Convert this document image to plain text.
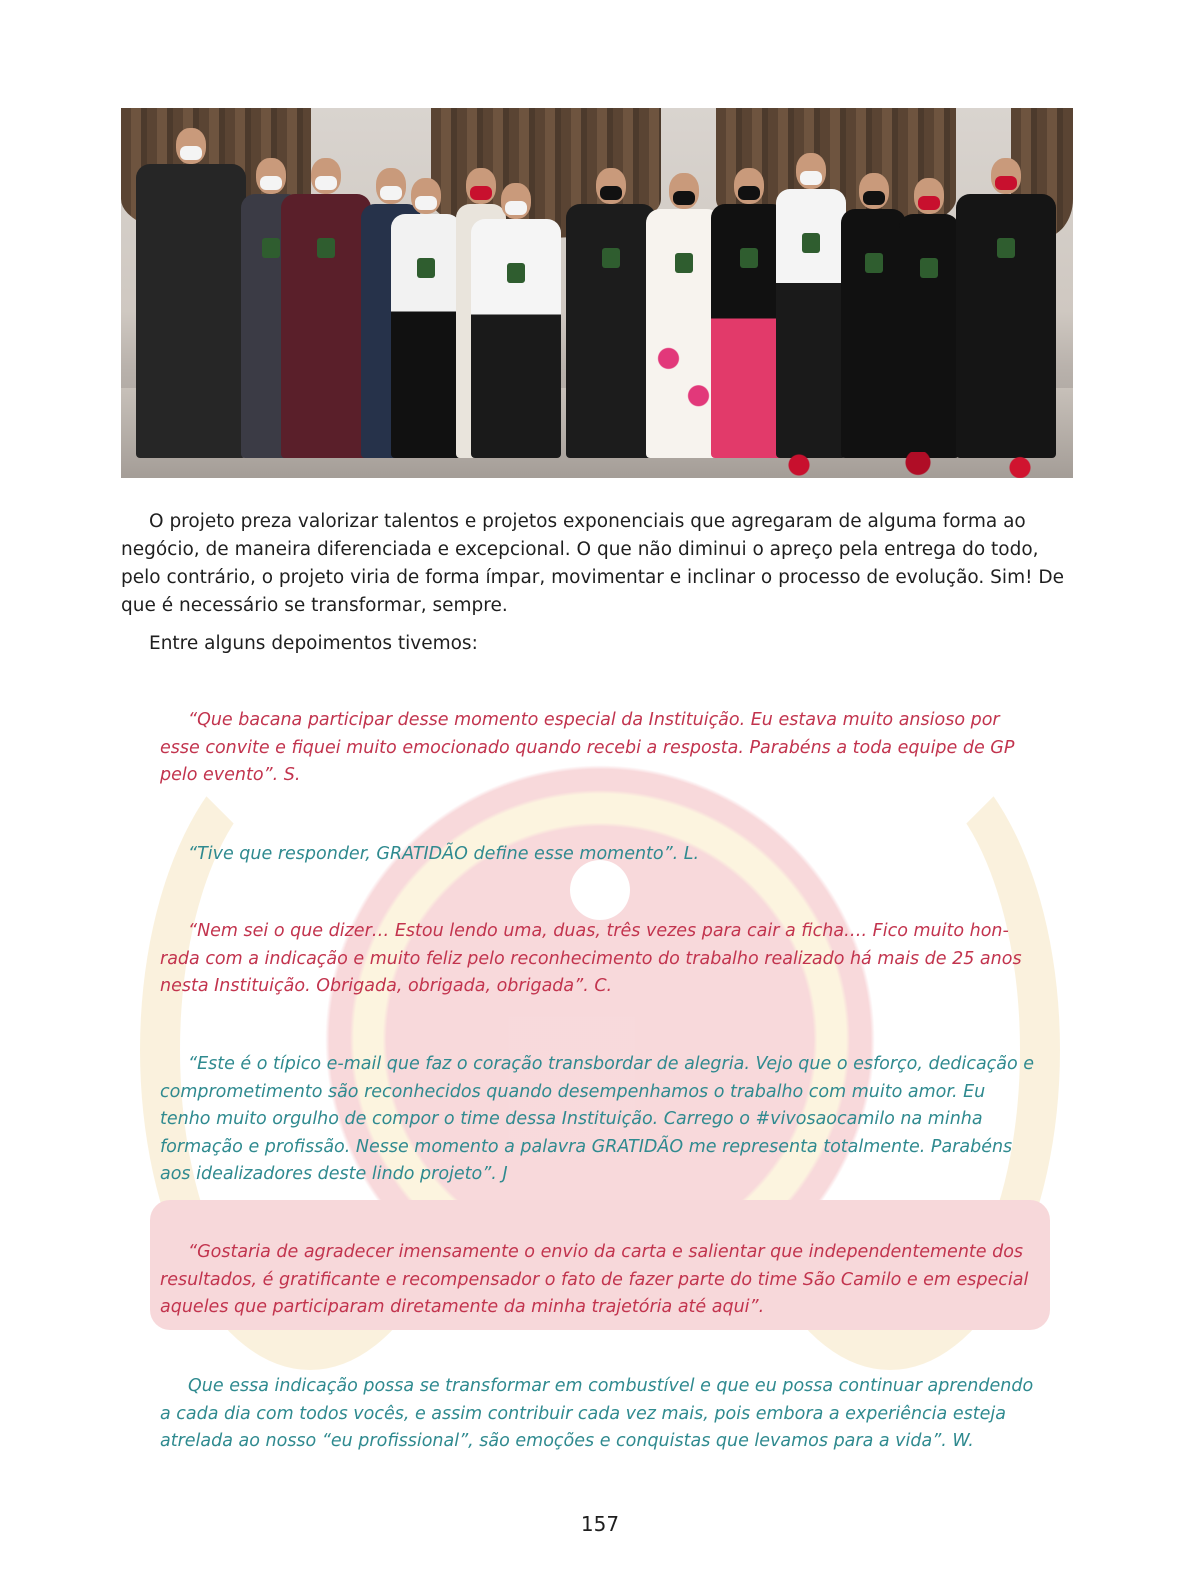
O projeto preza valorizar talentos e projetos exponenciais que agregaram de alguma forma ao negócio, de maneira diferenciada e excepcional. O que não diminui o apreço pela entrega do todo, pelo contrário, o projeto viria de forma ímpar, movimentar e inclinar o processo de evolução. Sim! De que é necessário se transformar, sempre.

Entre alguns depoimentos tivemos:

“Que bacana participar desse momento especial da Instituição. Eu estava muito ansioso por esse convite e fiquei muito emocionado quando recebi a resposta. Parabéns a toda equipe de GP pelo evento”. S.

“Tive que responder, GRATIDÃO define esse momento”. L.

“Nem sei o que dizer… Estou lendo uma, duas, três vezes para cair a ficha…. Fico muito hon-rada com a indicação e muito feliz pelo reconhecimento do trabalho realizado há mais de 25 anos nesta Instituição. Obrigada, obrigada, obrigada”. C.

“Este é o típico e-mail que faz o coração transbordar de alegria. Vejo que o esforço, dedicação e comprometimento são reconhecidos quando desempenhamos o trabalho com muito amor. Eu tenho muito orgulho de compor o time dessa Instituição. Carrego o #vivosaocamilo na minha formação e profissão. Nesse momento a palavra GRATIDÃO me representa totalmente. Parabéns aos idealizadores deste lindo projeto”. J

“Gostaria de agradecer imensamente o envio da carta e salientar que independentemente dos resultados, é gratificante e recompensador o fato de fazer parte do time São Camilo e em especial aqueles que participaram diretamente da minha trajetória até aqui”.

Que essa indicação possa se transformar em combustível e que eu possa continuar aprendendo a cada dia com todos vocês, e assim contribuir cada vez mais, pois embora a experiência esteja atrelada ao nosso “eu profissional”, são emoções e conquistas que levamos para a vida”. W.

157
